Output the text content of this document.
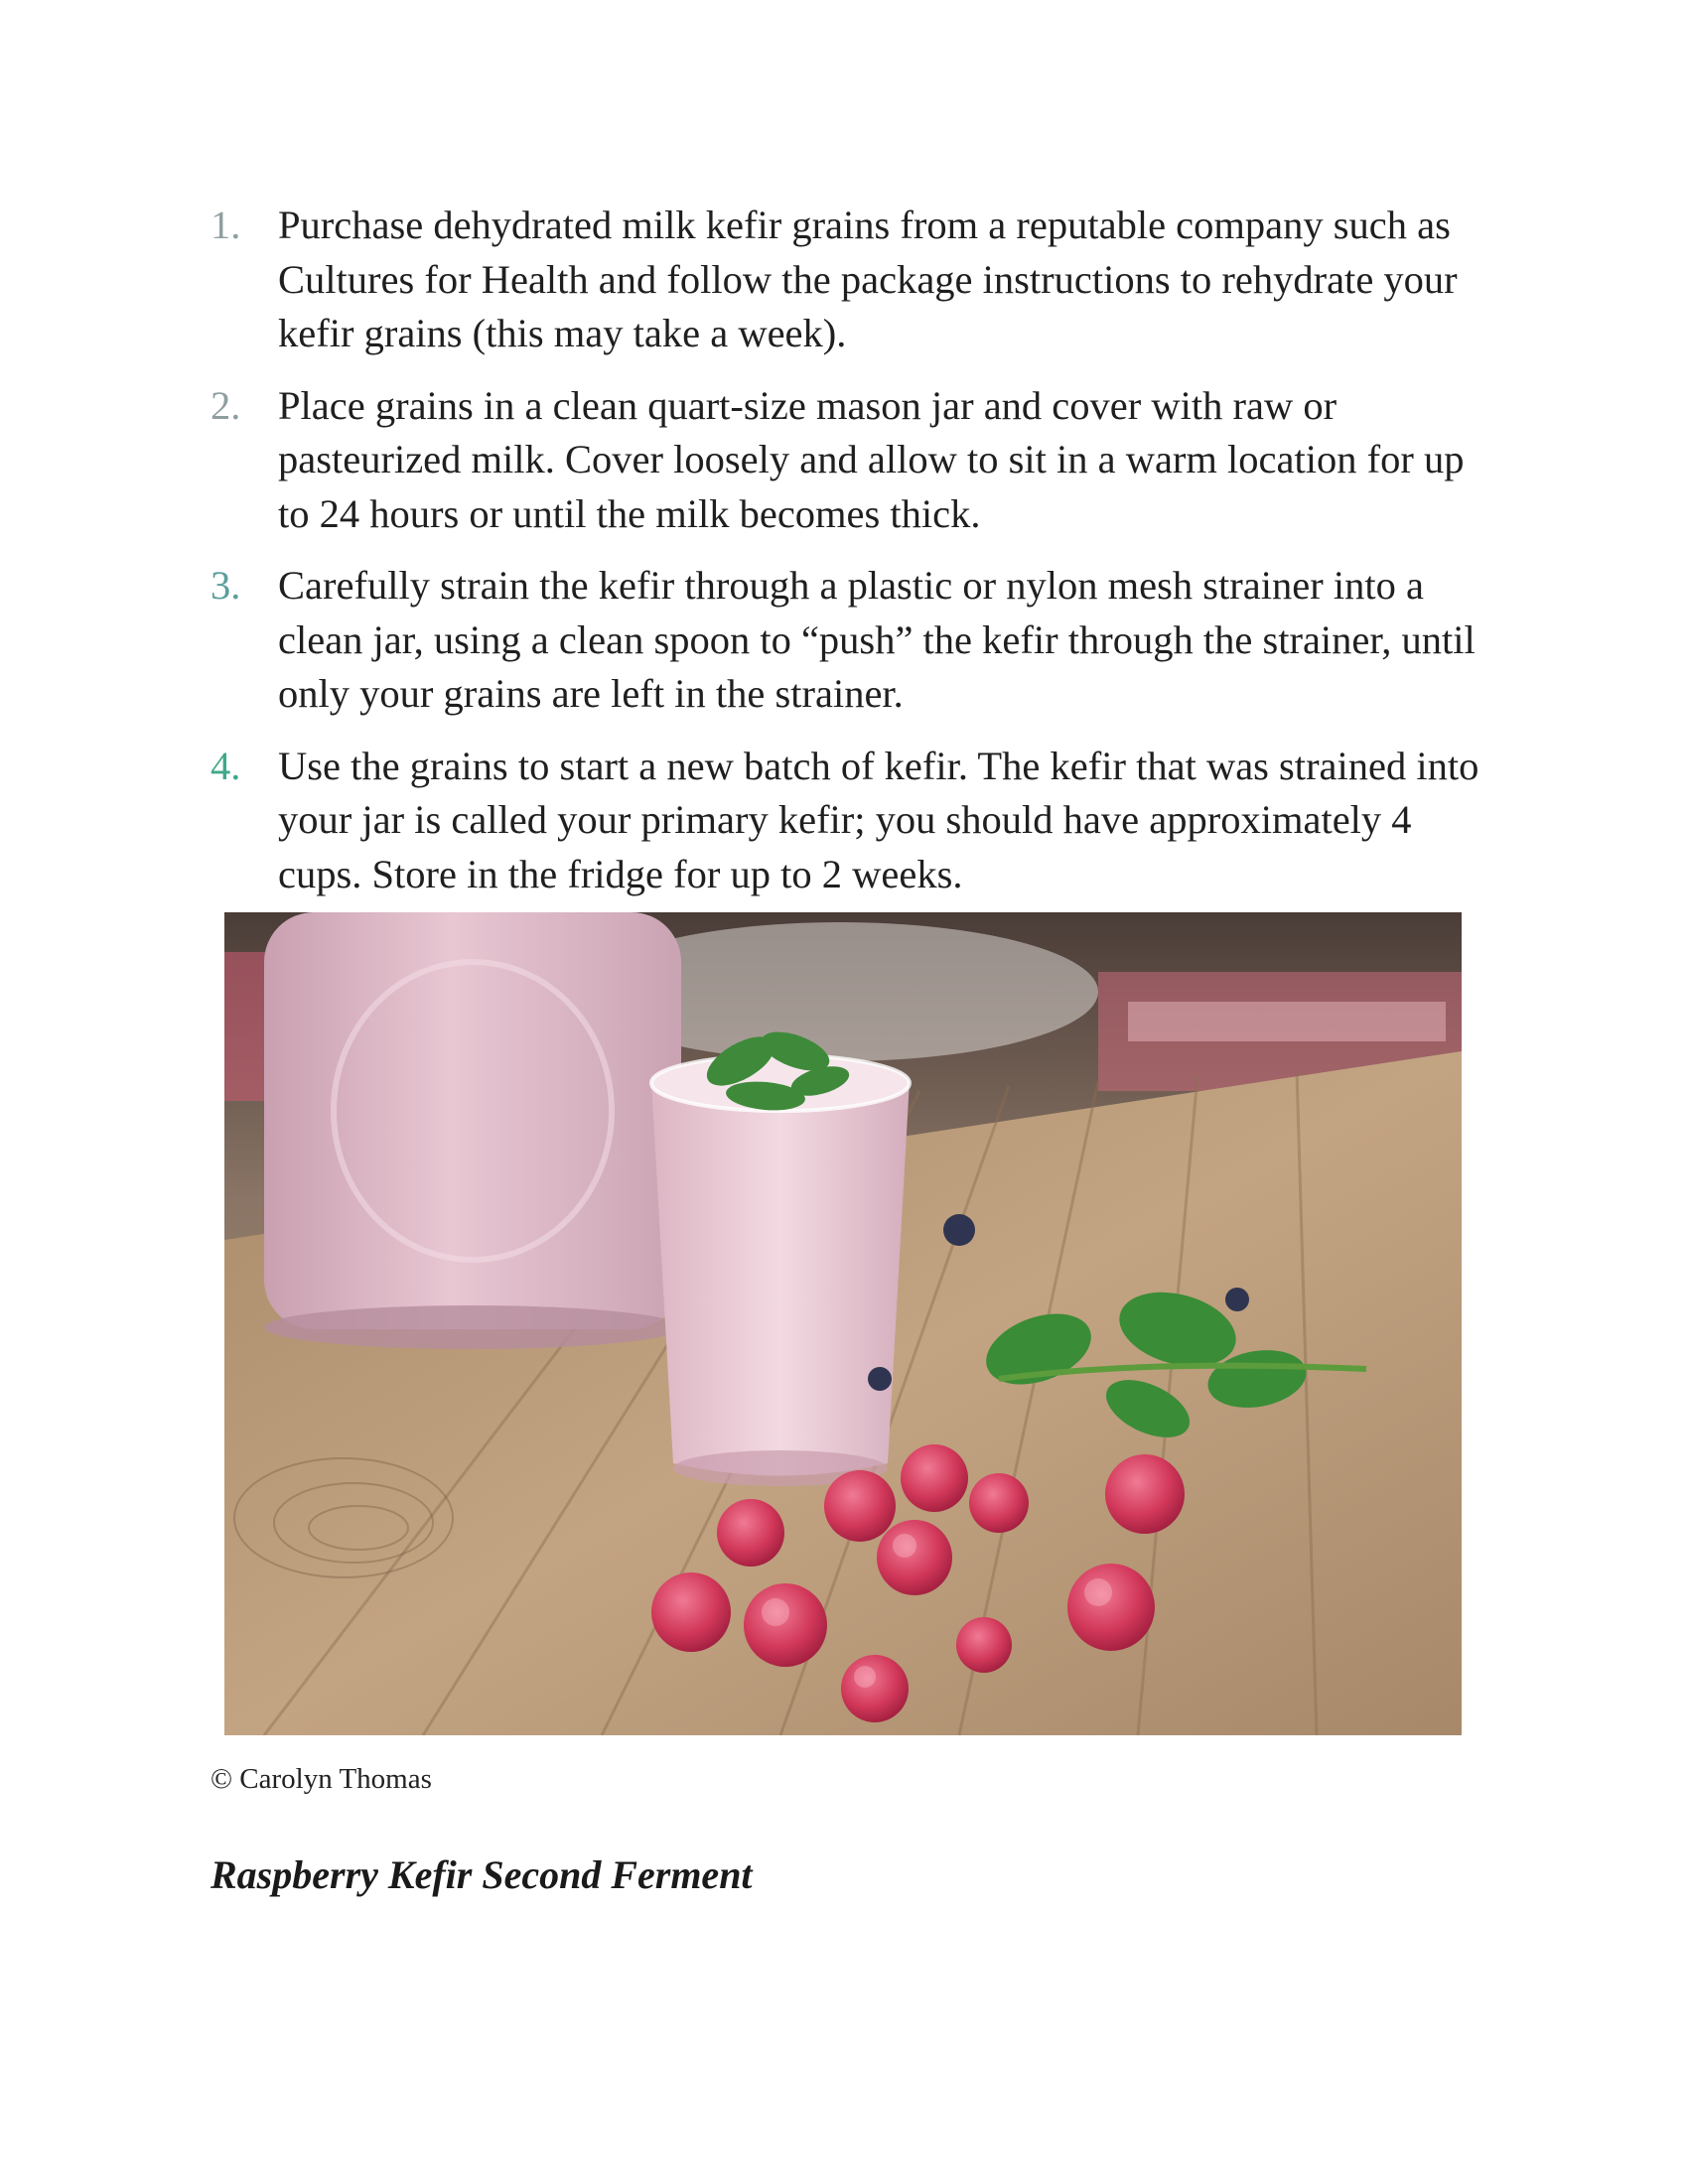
1. Purchase dehydrated milk kefir grains from a reputable company such as Cultures for Health and follow the package instructions to rehydrate your kefir grains (this may take a week).
2. Place grains in a clean quart-size mason jar and cover with raw or pasteurized milk. Cover loosely and allow to sit in a warm location for up to 24 hours or until the milk becomes thick.
3. Carefully strain the kefir through a plastic or nylon mesh strainer into a clean jar, using a clean spoon to “push” the kefir through the strainer, until only your grains are left in the strainer.
4. Use the grains to start a new batch of kefir. The kefir that was strained into your jar is called your primary kefir; you should have approximately 4 cups. Store in the fridge for up to 2 weeks.
© Carolyn Thomas
Raspberry Kefir Second Ferment
